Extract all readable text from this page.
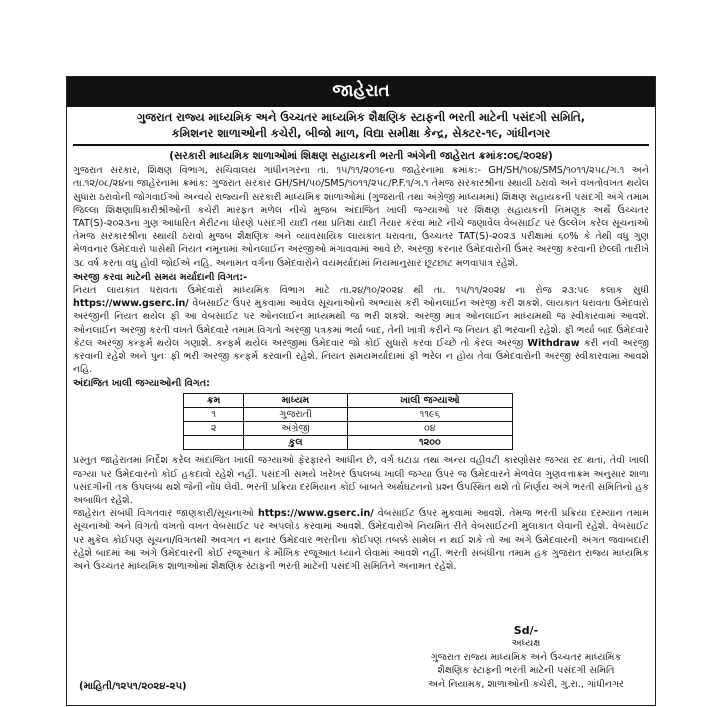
જાહેરાત
ગુજરાત રાજ્ય માધ્યમિક અને ઉચ્ચતર માધ્યમિક શૈક્ષણિક સ્ટાફની ભરતી માટેની પસંદગી સમિતિ,
કમિશનર શાળાઓની કચેરી, બીજો માળ, વિદ્યા સમીક્ષા કેન્દ્ર, સેક્ટર-૧૯, ગાંધીનગર
(સરકારી માધ્યમિક શાળાઓમાં શિક્ષણ સહાયકની ભરતી અંગેની જાહેરાત ક્રમાંક:૦૬/૨૦૨૪)

ગુજરાત સરકાર, શિક્ષણ વિભાગ, સચિવાલય ગાંધીનગરના તા. ૧૫/૧૧/૨૦૧૯ના જાહેરનામા ક્રમાંક:- GH/SH/૧૦૪/SMS/૧૦૧૧/૨૫૮/ગ.૧ અને તા.૧૨/૦૮/૨૪ના જાહેરનામા ક્રમાંક: ગુજરાત સરકાર GH/SH/૫૦/SMS/૧૦૧૧/૨૫૮/P.F.૧/ગ.૧ તેમજ સરકારશ્રીના સ્થાયી ઠરાવો અને વખતોવખત થયેલ સુધારા ઠરાવોની જોગવાઈઓ અન્વયે રાજ્યની સરકારી માધ્યમિક શાળાઓમાં (ગુજરાતી તથા અંગ્રેજી માધ્યમમાં) શિક્ષણ સહાયકની પસંદગી અંગે તમામ જિલ્લા શિક્ષણાધિકારીશ્રીઓની કચેરી મારફત મળેલ નીચે મુજબ અંદાજિત ખાલી જગ્યાઓ પર શિક્ષણ સહાયકની નિમણૂક અર્થે ઉચ્ચતર TAT(S)-૨૦૨૩ના ગુણ આધારિત મેરીટના ધોરણે પસંદગી યાદી તથા પ્રતિક્ષા યાદી તૈયાર કરવા માટે નીચે જણાવેલ વેબસાઈટ પર ઉલ્લેખ કરેલ સૂચનાઓ તેમજ સરકારશ્રીના સ્થાયી ઠરાવો મુજબ શૈક્ષણિક અને વ્યાવસાયિક લાયકાત ધરાવતા, ઉચ્ચતર TAT(S)-૨૦૨૩ પરીક્ષામાં ૬૦% કે તેથી વધુ ગુણ મેળવનાર ઉમેદવારો પાસેથી નિયત નમૂનામાં ઓનલાઈન અરજીઓ મંગાવવામાં આવે છે. અરજી કરનાર ઉમેદવારોની ઉંમર અરજી કરવાની છેલ્લી તારીખે ૩૮ વર્ષ કરતા વધુ હોવી જોઈએ નહિ. અનામત વર્ગના ઉમેદવારોને વયમર્યાદામાં નિયમાનુસાર છૂટછાટ મળવાપાત્ર રહેશે.

અરજી કરવા માટેની સમય મર્યાદાની વિગત:-

નિયત લાયકાત ધરાવતા ઉમેદવારો માધ્યમિક વિભાગ માટે તા.૨૪/૧૦/૨૦૨૪ થી તા. ૧૫/૧૧/૨૦૨૪ ના રોજ ૨૩:૫૯ કલાક સુધી https://www.gserc.in/ વેબસાઈટ ઉપર મુકવામાં આવેલ સૂચનાઓનો અભ્યાસ કરી ઓનલાઈન અરજી કરી શકશે. લાયકાત ધરાવતા ઉમેદવારો અરજીની નિયત થયેલ ફી આ વેબસાઈટ પર ઓનલાઈન માધ્યમથી જ ભરી શકશે. અરજી માત્ર ઓનલાઈન માધ્યમથી જ સ્વીકારવામાં આવશે. ઓનલાઈન અરજી કરતી વખતે ઉમેદવારે તમામ વિગતો અરજી પત્રકમાં ભર્યા બાદ, તેની ખાત્રી કરીને જ નિયત ફી ભરવાની રહેશે. ફી ભર્યા બાદ ઉમેદવારે કેટલ અરજી કન્ફર્મ થયેલ ગણાશે. કન્ફર્મ થયેલ અરજીમાં ઉમેદવાર જો કોઈ સુધારો કરવા ઈચ્છે તો કેરલ અરજી Withdraw કરી નવી અરજી કરવાની રહેશે અને પુનઃ ફી ભરી અરજી કન્ફર્મ કરવાની રહેશે. નિયત સમયમર્યાદામાં ફી ભરેલ ન હોય તેવા ઉમેદવારોની અરજી સ્વીકારવામાં આવશે નહિ.

અંદાજિત ખાલી જગ્યાઓની વિગત:
ક્રમ	માધ્યમ	ખાલી જગ્યાઓ
૧	ગુજરાતી	૧૧૯૬
૨	અંગ્રેજી	૦૪
	કુલ	૧૨૦૦

પ્રસ્તુત જાહેરાતમાં નિર્દેશ કરેલ અંદાજિત ખાલી જગ્યાઓ ફેરફારને આધીન છે, વર્ગ ઘટાડા તથા અન્ય વહીવટી કારણોસર જગ્યા રદ થતાં, તેવી ખાલી જગ્યા પર ઉમેદવારનો કોઈ હકદાવો રહેશે નહીં. પસંદગી સમયે ખરેખર ઉપલબ્ધ ખાલી જગ્યા ઉપર જ ઉમેદવારને મેળવેલ ગુણવત્તાક્રમ અનુસાર શાળા પસંદગીની તક ઉપલબ્ધ થશે જેની નોંધ લેવી. ભરતી પ્રક્રિયા દરમિયાન કોઈ બાબતે અર્થઘટનનો પ્રશ્ન ઉપસ્થિત થશે તો નિર્ણય અંગે ભરતી સમિતિનો હક અબાધિત રહેશે.

જાહેરાત સંબંધી વિગતવાર જાણકારી/સૂચનાઓ https://www.gserc.in/ વેબસાઈટ ઉપર મુકવામાં આવશે. તેમજ ભરતી પ્રક્રિયા દરમ્યાન તમામ સૂચનાઓ અને વિગતો વખતો વખત વેબસાઈટ પર અપલોડ કરવામાં આવશે. ઉમેદવારોએ નિયમિત રીતે વેબસાઈટની મુલાકાત લેવાની રહેશે. વેબસાઈટ પર મુકેલ કોઈપણ સૂચના/વિગતથી અવગત ન થનાર ઉમેદવાર ભરતીના કોઈપણ તબક્કે સામેલ ન થઈ શકે તો આ અંગે ઉમેદવારની અંગત જવાબદારી રહેશે બાદમાં આ અંગે ઉમેદવારની કોઈ રજૂઆત કે મૌખિક રજૂઆત ધ્યાને લેવામાં આવશે નહીં. ભરતી સંબંધીના તમામ હક ગુજરાત રાજ્ય માધ્યમિક અને ઉચ્ચતર માધ્યમિક શાળાઓમાં શૈક્ષણિક સ્ટાફની ભરતી માટેની પસંદગી સમિતિને અનામત રહેશે.

(માહિતી/૧૨૫૧/૨૦૨૪-૨૫)
Sd/-
અધ્યક્ષ
ગુજરાત રાજ્ય માધ્યમિક અને ઉચ્ચતર માધ્યમિક
શૈક્ષણિક સ્ટાફની ભરતી માટેની પસંદગી સમિતિ
અને નિયામક, શાળાઓની કચેરી, ગુ.રા., ગાંધીનગર
